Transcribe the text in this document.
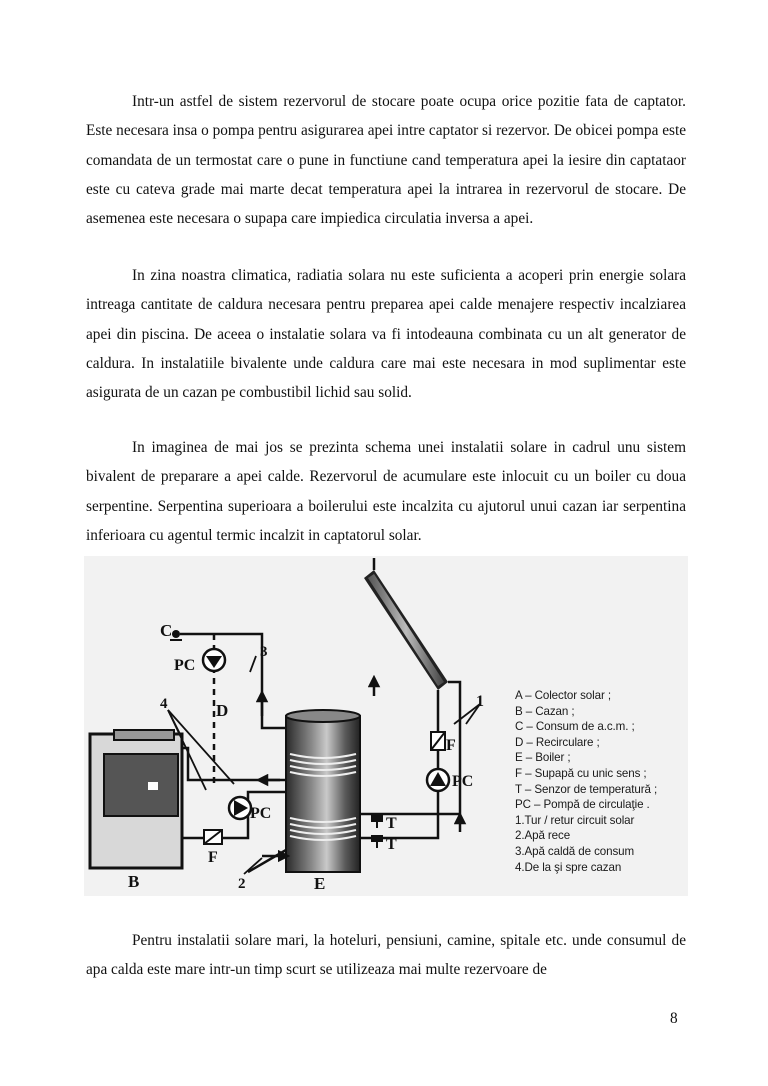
Intr-un astfel de sistem rezervorul de stocare poate ocupa orice pozitie fata de captator. Este necesara insa o pompa pentru asigurarea apei intre captator si rezervor. De obicei pompa este comandata de un termostat care o pune in functiune cand temperatura apei la iesire din captataor este cu cateva grade mai marte decat temperatura apei la intrarea in rezervorul de stocare. De asemenea este necesara o supapa care impiedica circulatia inversa a apei.

In zina noastra climatica, radiatia solara nu este suficienta a acoperi prin energie solara intreaga cantitate de caldura necesara pentru preparea apei calde menajere respectiv incalziarea apei din piscina. De aceea o instalatie solara va fi intodeauna combinata cu un alt generator de caldura. In instalatiile bivalente unde caldura care mai este necesara in mod suplimentar este asigurata de un cazan pe combustibil lichid sau solid.

In imaginea de mai jos se prezinta schema unei instalatii solare in cadrul unu sistem bivalent de preparare a apei calde. Rezervorul de acumulare este inlocuit cu un boiler cu doua serpentine. Serpentina superioara a boilerului este incalzita cu ajutorul unui cazan iar serpentina inferioara cu agentul termic incalzit in captatorul solar.

C
PC
3
4	D	1
F
PC
PC
T
T
F
B	2	E
A – Colector solar ;
B – Cazan ;
C – Consum de a.c.m. ;
D – Recirculare ;
E – Boiler ;
F – Supapă cu unic sens ;
T – Senzor de temperatură ;
PC – Pompă de circulaţie .
1.Tur / retur circuit solar
2.Apă rece
3.Apă caldă de consum
4.De la şi spre cazan

Pentru instalatii solare mari, la hoteluri, pensiuni, camine, spitale etc. unde consumul de apa calda este mare intr-un timp scurt se utilizeaza mai multe rezervoare de

8
